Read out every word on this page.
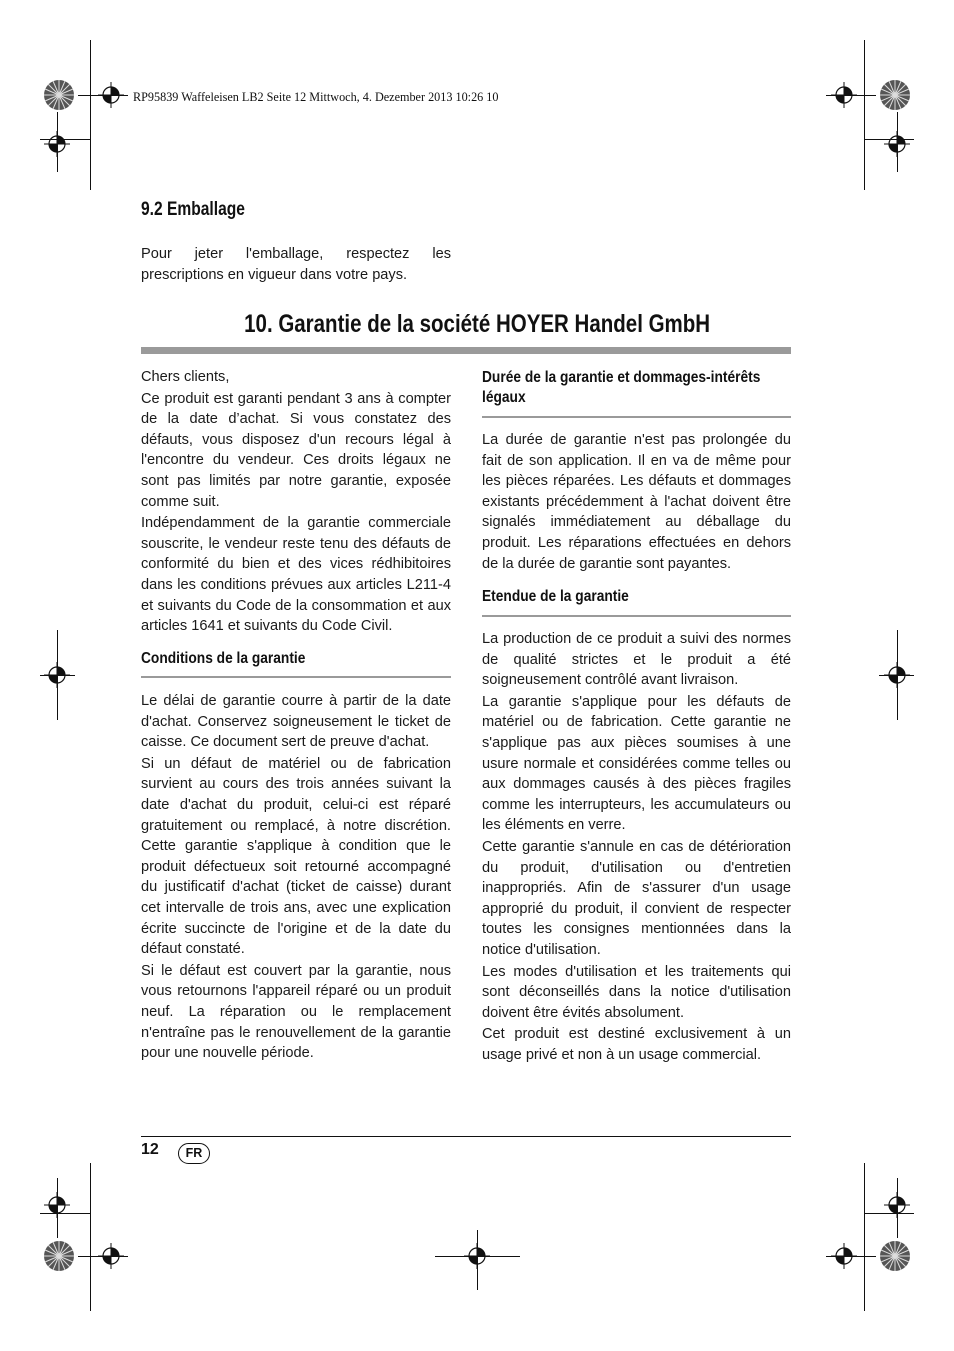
RP95839 Waffeleisen LB2 Seite 12 Mittwoch, 4. Dezember 2013 10:26 10
9.2 Emballage

Pour jeter l'emballage, respectez les prescriptions en vigueur dans votre pays.

10. Garantie de la société HOYER Handel GmbH

Chers clients,

Ce produit est garanti pendant 3 ans à compter de la date d’achat. Si vous constatez des défauts, vous disposez d'un recours légal à l'encontre du vendeur. Ces droits légaux ne sont pas limités par notre garantie, exposée comme suit.

Indépendamment de la garantie commerciale souscrite, le vendeur reste tenu des défauts de conformité du bien et des vices rédhibitoires dans les conditions prévues aux articles L211-4 et suivants du Code de la consommation et aux articles 1641 et suivants du Code Civil.

Conditions de la garantie

Le délai de garantie courre à partir de la date d'achat. Conservez soigneusement le ticket de caisse. Ce document sert de preuve d'achat.

Si un défaut de matériel ou de fabrication survient au cours des trois années suivant la date d'achat du produit, celui-ci est réparé gratuitement ou remplacé, à notre discrétion. Cette garantie s'applique à condition que le produit défectueux soit retourné accompagné du justificatif d'achat (ticket de caisse) durant cet intervalle de trois ans, avec une explication écrite succincte de l'origine et de la date du défaut constaté.

Si le défaut est couvert par la garantie, nous vous retournons l'appareil réparé ou un produit neuf. La réparation ou le remplacement n'entraîne pas le renouvellement de la garantie pour une nouvelle période.

Durée de la garantie et dommages-intérêts légaux

La durée de garantie n'est pas prolongée du fait de son application. Il en va de même pour les pièces réparées. Les défauts et dommages existants précédemment à l'achat doivent être signalés immédiatement au déballage du produit. Les réparations effectuées en dehors de la durée de garantie sont payantes.

Etendue de la garantie

La production de ce produit a suivi des normes de qualité strictes et le produit a été soigneusement contrôlé avant livraison.

La garantie s'applique pour les défauts de matériel ou de fabrication. Cette garantie ne s'applique pas aux pièces soumises à une usure normale et considérées comme telles ou aux dommages causés à des pièces fragiles comme les interrupteurs, les accumulateurs ou les éléments en verre.

Cette garantie s'annule en cas de détérioration du produit, d'utilisation ou d'entretien inappropriés. Afin de s'assurer d'un usage approprié du produit, il convient de respecter toutes les consignes mentionnées dans la notice d'utilisation.

Les modes d'utilisation et les traitements qui sont déconseillés dans la notice d'utilisation doivent être évités absolument.

Cet produit est destiné exclusivement à un usage privé et non à un usage commercial.

12	FR
